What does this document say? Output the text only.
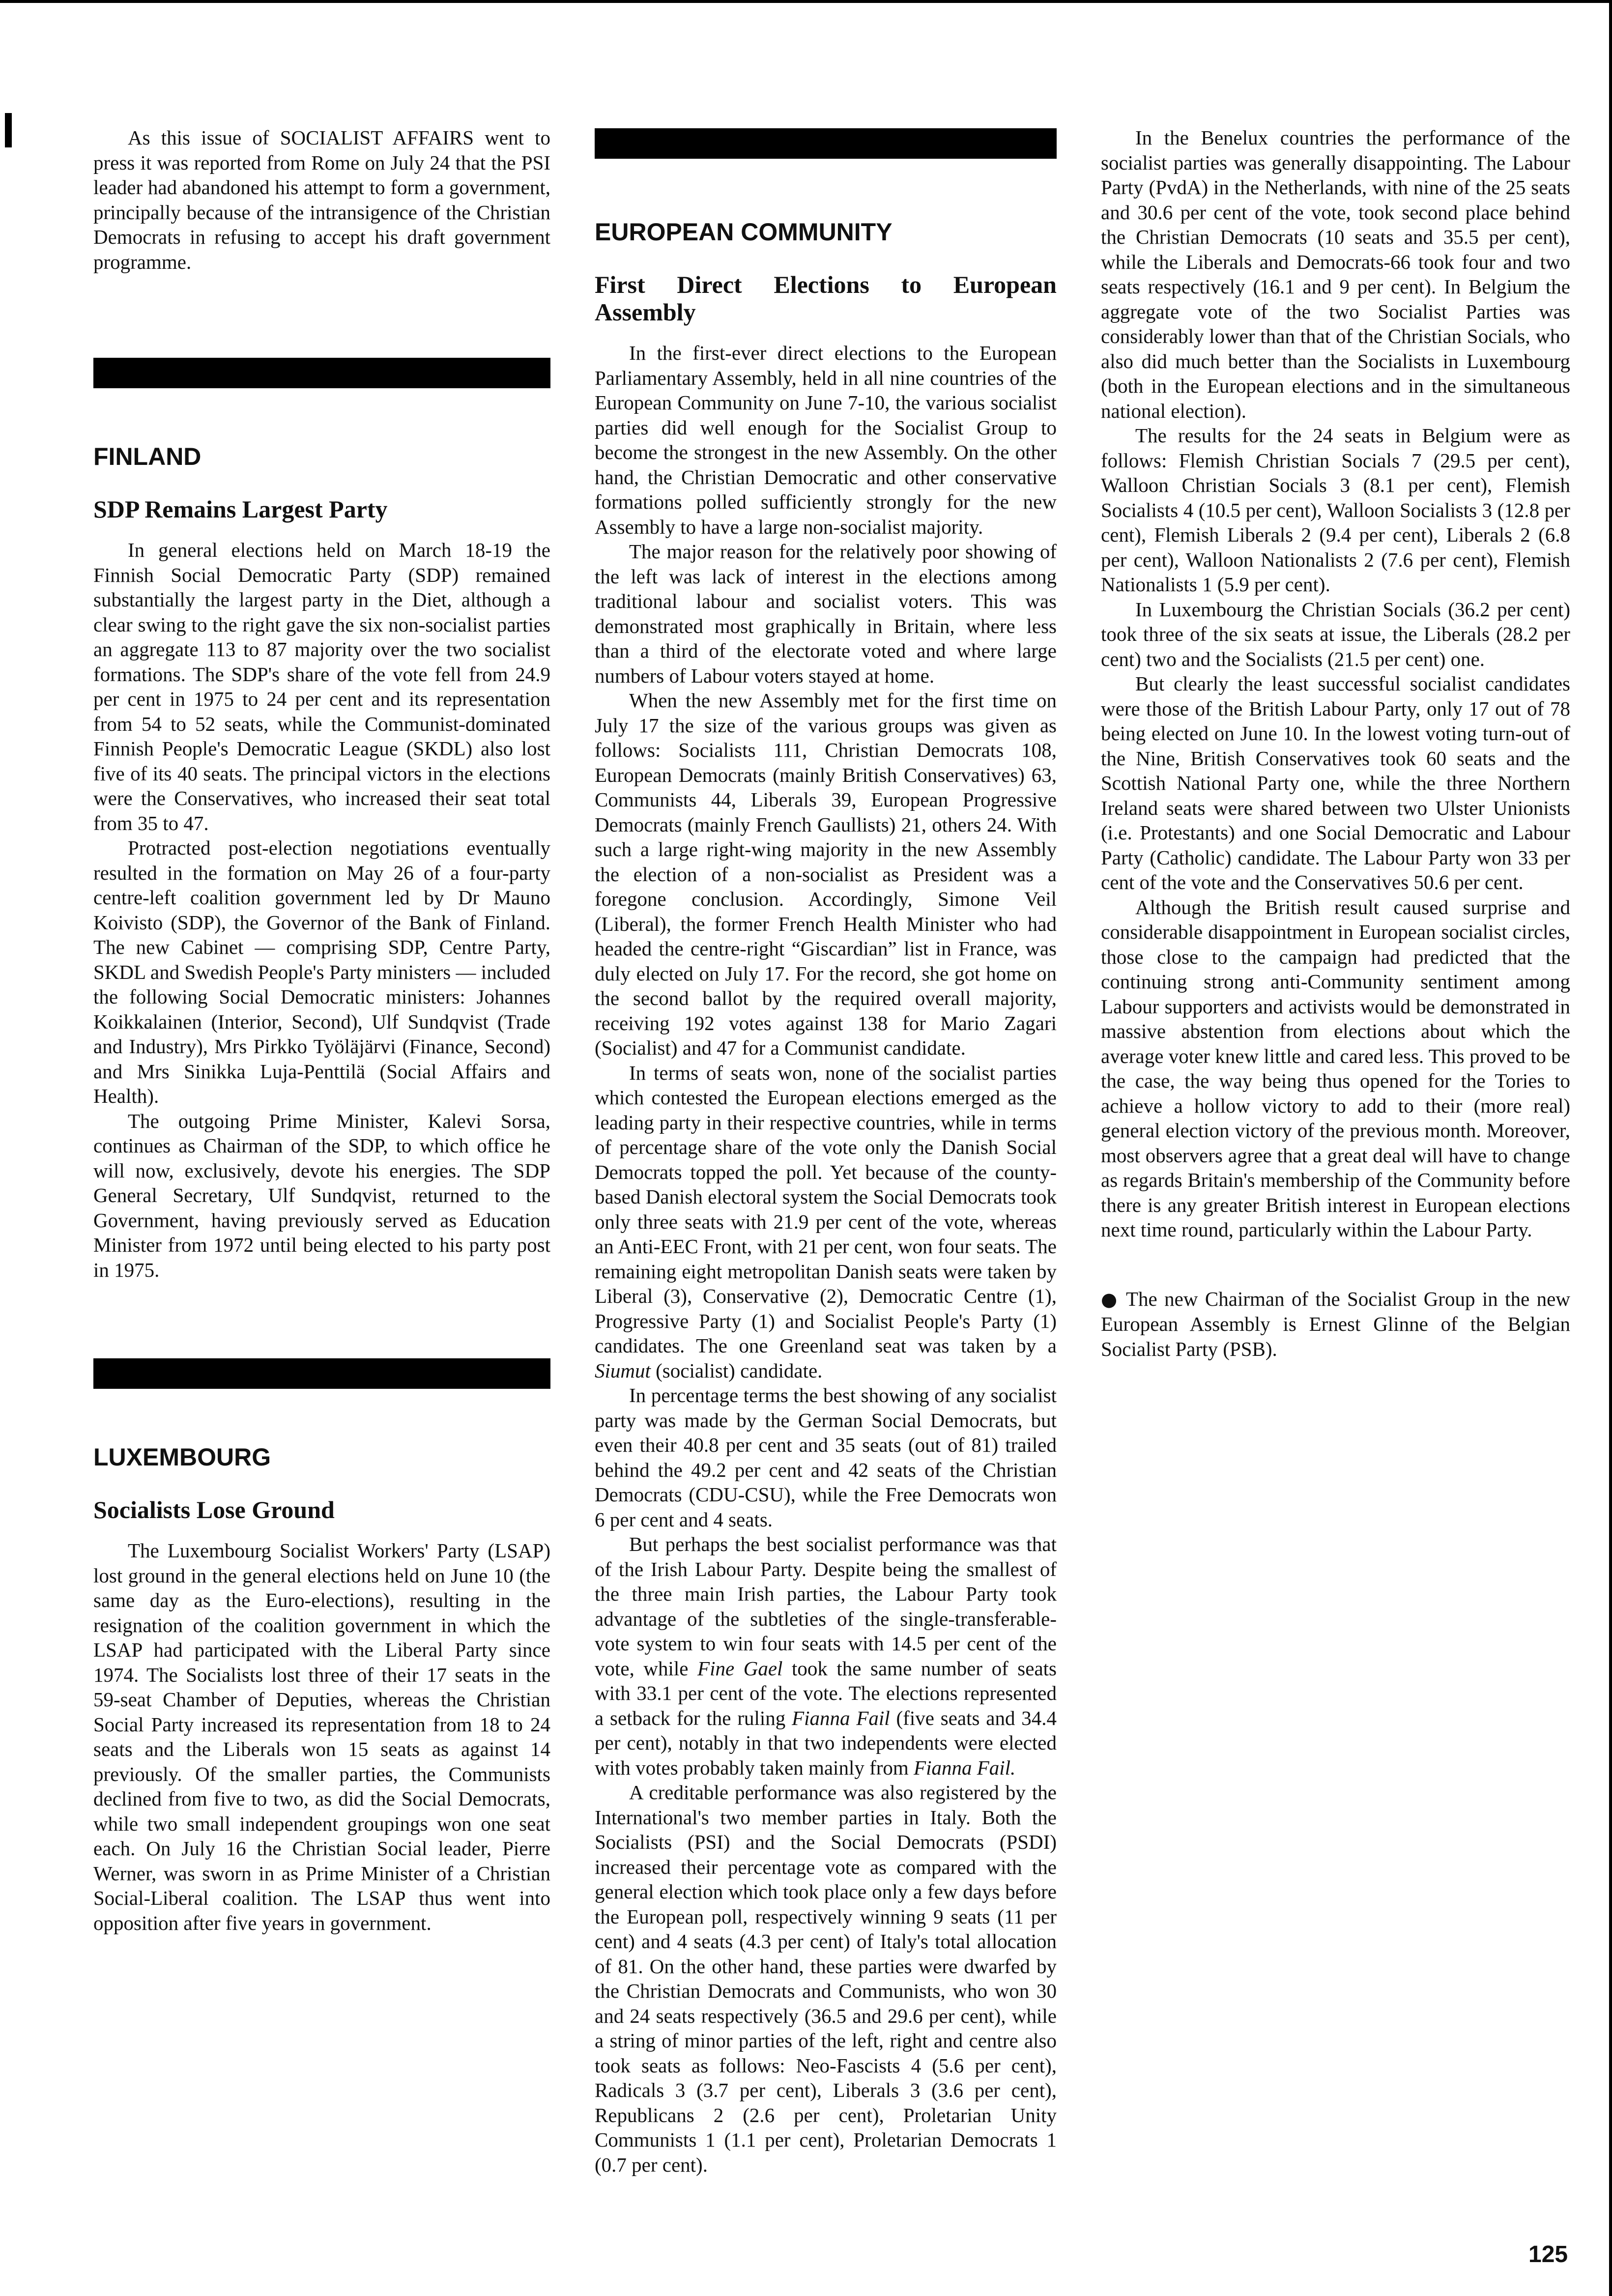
As this issue of SOCIALIST AFFAIRS went to press it was reported from Rome on July 24 that the PSI leader had abandoned his attempt to form a government, principally because of the intransigence of the Christian Democrats in refusing to accept his draft government programme.

FINLAND
SDP Remains Largest Party

In general elections held on March 18-19 the Finnish Social Democratic Party (SDP) remained substantially the largest party in the Diet, although a clear swing to the right gave the six non-socialist parties an aggregate 113 to 87 majority over the two socialist formations. The SDP's share of the vote fell from 24.9 per cent in 1975 to 24 per cent and its representation from 54 to 52 seats, while the Communist-dominated Finnish People's Democratic League (SKDL) also lost five of its 40 seats. The principal victors in the elections were the Conservatives, who increased their seat total from 35 to 47.

Protracted post-election negotiations eventually resulted in the formation on May 26 of a four-party centre-left coalition government led by Dr Mauno Koivisto (SDP), the Governor of the Bank of Finland. The new Cabinet — comprising SDP, Centre Party, SKDL and Swedish People's Party ministers — included the following Social Democratic ministers: Johannes Koikkalainen (Interior, Second), Ulf Sundqvist (Trade and Industry), Mrs Pirkko Työläjärvi (Finance, Second) and Mrs Sinikka Luja-Penttilä (Social Affairs and Health).

The outgoing Prime Minister, Kalevi Sorsa, continues as Chairman of the SDP, to which office he will now, exclusively, devote his energies. The SDP General Secretary, Ulf Sundqvist, returned to the Government, having previously served as Education Minister from 1972 until being elected to his party post in 1975.

LUXEMBOURG
Socialists Lose Ground

The Luxembourg Socialist Workers' Party (LSAP) lost ground in the general elections held on June 10 (the same day as the Euro-elections), resulting in the resignation of the coalition government in which the LSAP had participated with the Liberal Party since 1974. The Socialists lost three of their 17 seats in the 59-seat Chamber of Deputies, whereas the Christian Social Party increased its representation from 18 to 24 seats and the Liberals won 15 seats as against 14 previously. Of the smaller parties, the Communists declined from five to two, as did the Social Democrats, while two small independent groupings won one seat each. On July 16 the Christian Social leader, Pierre Werner, was sworn in as Prime Minister of a Christian Social-Liberal coalition. The LSAP thus went into opposition after five years in government.

EUROPEAN COMMUNITY
First Direct Elections to European Assembly

In the first-ever direct elections to the European Parliamentary Assembly, held in all nine countries of the European Community on June 7-10, the various socialist parties did well enough for the Socialist Group to become the strongest in the new Assembly. On the other hand, the Christian Democratic and other conservative formations polled sufficiently strongly for the new Assembly to have a large non-socialist majority.

The major reason for the relatively poor showing of the left was lack of interest in the elections among traditional labour and socialist voters. This was demonstrated most graphically in Britain, where less than a third of the electorate voted and where large numbers of Labour voters stayed at home.

When the new Assembly met for the first time on July 17 the size of the various groups was given as follows: Socialists 111, Christian Democrats 108, European Democrats (mainly British Conservatives) 63, Communists 44, Liberals 39, European Progressive Democrats (mainly French Gaullists) 21, others 24. With such a large right-wing majority in the new Assembly the election of a non-socialist as President was a foregone conclusion. Accordingly, Simone Veil (Liberal), the former French Health Minister who had headed the centre-right “Giscardian” list in France, was duly elected on July 17. For the record, she got home on the second ballot by the required overall majority, receiving 192 votes against 138 for Mario Zagari (Socialist) and 47 for a Communist candidate.

In terms of seats won, none of the socialist parties which contested the European elections emerged as the leading party in their respective countries, while in terms of percentage share of the vote only the Danish Social Democrats topped the poll. Yet because of the county-based Danish electoral system the Social Democrats took only three seats with 21.9 per cent of the vote, whereas an Anti-EEC Front, with 21 per cent, won four seats. The remaining eight metropolitan Danish seats were taken by Liberal (3), Conservative (2), Democratic Centre (1), Progressive Party (1) and Socialist People's Party (1) candidates. The one Greenland seat was taken by a Siumut (socialist) candidate.

In percentage terms the best showing of any socialist party was made by the German Social Democrats, but even their 40.8 per cent and 35 seats (out of 81) trailed behind the 49.2 per cent and 42 seats of the Christian Democrats (CDU-CSU), while the Free Democrats won 6 per cent and 4 seats.

But perhaps the best socialist performance was that of the Irish Labour Party. Despite being the smallest of the three main Irish parties, the Labour Party took advantage of the subtleties of the single-transferable-vote system to win four seats with 14.5 per cent of the vote, while Fine Gael took the same number of seats with 33.1 per cent of the vote. The elections represented a setback for the ruling Fianna Fail (five seats and 34.4 per cent), notably in that two independents were elected with votes probably taken mainly from Fianna Fail.

A creditable performance was also registered by the International's two member parties in Italy. Both the Socialists (PSI) and the Social Democrats (PSDI) increased their percentage vote as compared with the general election which took place only a few days before the European poll, respectively winning 9 seats (11 per cent) and 4 seats (4.3 per cent) of Italy's total allocation of 81. On the other hand, these parties were dwarfed by the Christian Democrats and Communists, who won 30 and 24 seats respectively (36.5 and 29.6 per cent), while a string of minor parties of the left, right and centre also took seats as follows: Neo-Fascists 4 (5.6 per cent), Radicals 3 (3.7 per cent), Liberals 3 (3.6 per cent), Republicans 2 (2.6 per cent), Proletarian Unity Communists 1 (1.1 per cent), Proletarian Democrats 1 (0.7 per cent).

In the Benelux countries the performance of the socialist parties was generally disappointing. The Labour Party (PvdA) in the Netherlands, with nine of the 25 seats and 30.6 per cent of the vote, took second place behind the Christian Democrats (10 seats and 35.5 per cent), while the Liberals and Democrats-66 took four and two seats respectively (16.1 and 9 per cent). In Belgium the aggregate vote of the two Socialist Parties was considerably lower than that of the Christian Socials, who also did much better than the Socialists in Luxembourg (both in the European elections and in the simultaneous national election).

The results for the 24 seats in Belgium were as follows: Flemish Christian Socials 7 (29.5 per cent), Walloon Christian Socials 3 (8.1 per cent), Flemish Socialists 4 (10.5 per cent), Walloon Socialists 3 (12.8 per cent), Flemish Liberals 2 (9.4 per cent), Liberals 2 (6.8 per cent), Walloon Nationalists 2 (7.6 per cent), Flemish Nationalists 1 (5.9 per cent).

In Luxembourg the Christian Socials (36.2 per cent) took three of the six seats at issue, the Liberals (28.2 per cent) two and the Socialists (21.5 per cent) one.

But clearly the least successful socialist candidates were those of the British Labour Party, only 17 out of 78 being elected on June 10. In the lowest voting turn-out of the Nine, British Conservatives took 60 seats and the Scottish National Party one, while the three Northern Ireland seats were shared between two Ulster Unionists (i.e. Protestants) and one Social Democratic and Labour Party (Catholic) candidate. The Labour Party won 33 per cent of the vote and the Conservatives 50.6 per cent.

Although the British result caused surprise and considerable disappointment in European socialist circles, those close to the campaign had predicted that the continuing strong anti-Community sentiment among Labour supporters and activists would be demonstrated in massive abstention from elections about which the average voter knew little and cared less. This proved to be the case, the way being thus opened for the Tories to achieve a hollow victory to add to their (more real) general election victory of the previous month. Moreover, most observers agree that a great deal will have to change as regards Britain's membership of the Community before there is any greater British interest in European elections next time round, particularly within the Labour Party.

● The new Chairman of the Socialist Group in the new European Assembly is Ernest Glinne of the Belgian Socialist Party (PSB).

125
